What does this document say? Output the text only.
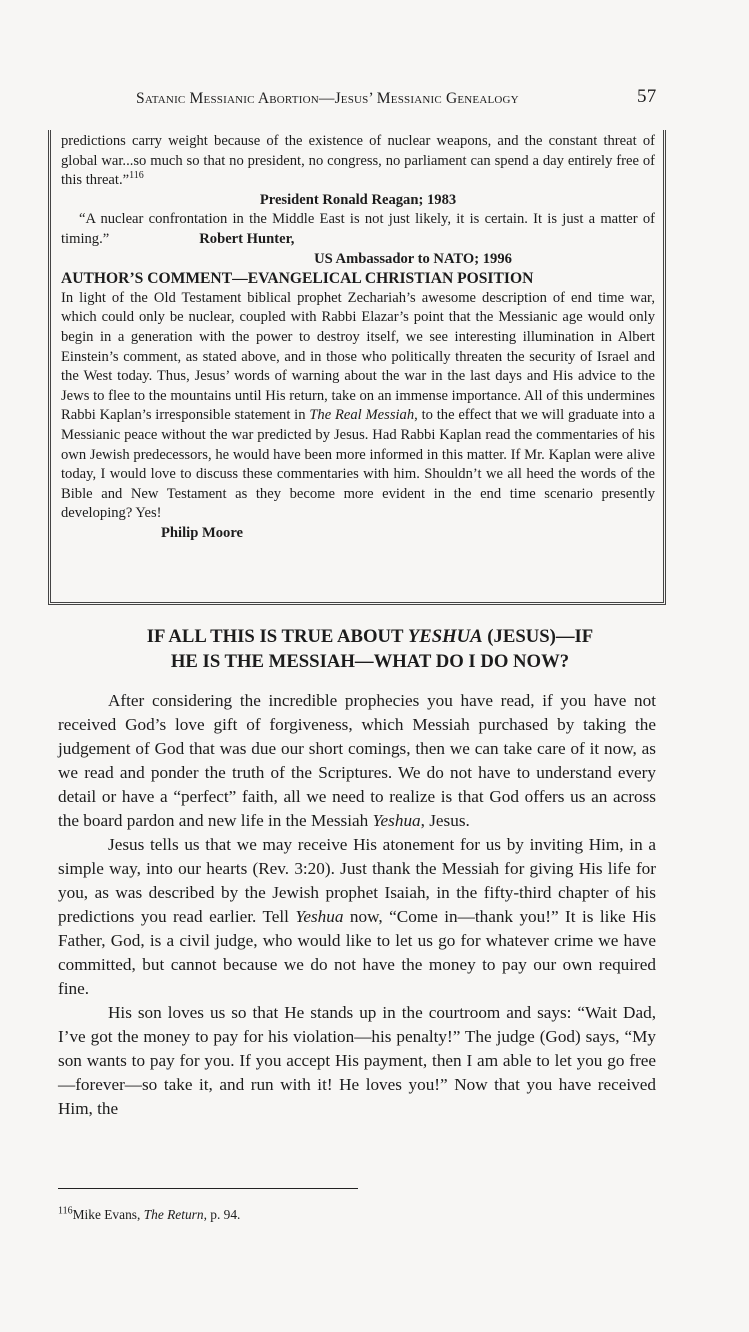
Satanic Messianic Abortion—Jesus’ Messianic Genealogy	57

predictions carry weight because of the existence of nuclear weapons, and the constant threat of global war...so much so that no president, no congress, no parliament can spend a day entirely free of this threat.”$^{116}$

President Ronald Reagan; 1983

“A nuclear confrontation in the Middle East is not just likely, it is certain. It is just a matter of timing.”	Robert Hunter,

US Ambassador to NATO; 1996

AUTHOR’S COMMENT—EVANGELICAL CHRISTIAN POSITION

In light of the Old Testament biblical prophet Zechariah’s awesome description of end time war, which could only be nuclear, coupled with Rabbi Elazar’s point that the Messianic age would only begin in a generation with the power to destroy itself, we see interesting illumination in Albert Einstein’s comment, as stated above, and in those who politically threaten the security of Israel and the West today. Thus, Jesus’ words of warning about the war in the last days and His advice to the Jews to flee to the mountains until His return, take on an immense importance. All of this undermines Rabbi Kaplan’s irresponsible statement in The Real Messiah, to the effect that we will graduate into a Messianic peace without the war predicted by Jesus. Had Rabbi Kaplan read the commentaries of his own Jewish predecessors, he would have been more informed in this matter. If Mr. Kaplan were alive today, I would love to discuss these commentaries with him. Shouldn’t we all heed the words of the Bible and New Testament as they become more evident in the end time scenario presently developing? Yes!

Philip Moore

IF ALL THIS IS TRUE ABOUT YESHUA (JESUS)—IF
HE IS THE MESSIAH—WHAT DO I DO NOW?

After considering the incredible prophecies you have read, if you have not received God’s love gift of forgiveness, which Messiah purchased by taking the judgement of God that was due our short comings, then we can take care of it now, as we read and ponder the truth of the Scriptures. We do not have to understand every detail or have a “perfect” faith, all we need to realize is that God offers us an across the board pardon and new life in the Messiah Yeshua, Jesus.

Jesus tells us that we may receive His atonement for us by inviting Him, in a simple way, into our hearts (Rev. 3:20). Just thank the Messiah for giving His life for you, as was described by the Jewish prophet Isaiah, in the fifty-third chapter of his predictions you read earlier. Tell Yeshua now, “Come in—thank you!” It is like His Father, God, is a civil judge, who would like to let us go for whatever crime we have committed, but cannot because we do not have the money to pay our own required fine.

His son loves us so that He stands up in the courtroom and says: “Wait Dad, I’ve got the money to pay for his violation—his penalty!” The judge (God) says, “My son wants to pay for you. If you accept His payment, then I am able to let you go free—forever—so take it, and run with it! He loves you!” Now that you have received Him, the

$^{116}$Mike Evans, The Return, p. 94.
